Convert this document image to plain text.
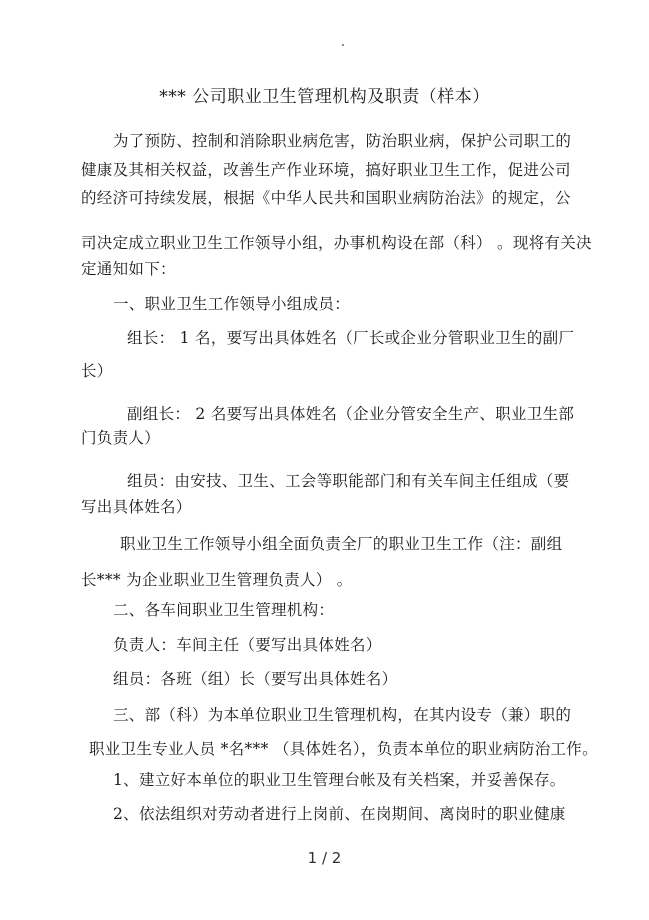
*** 公司职业卫生管理机构及职责（样本）
为了预防、控制和消除职业病危害，防治职业病，保护公司职工的
健康及其相关权益，改善生产作业环境，搞好职业卫生工作，促进公司
的经济可持续发展，根据《中华人民共和国职业病防治法》的规定，公
司决定成立职业卫生工作领导小组，办事机构设在部（科） 。现将有关决
定通知如下：
一、职业卫生工作领导小组成员：
组长： 1 名，要写出具体姓名（厂长或企业分管职业卫生的副厂
长）
副组长： 2 名要写出具体姓名（企业分管安全生产、职业卫生部
门负责人）
组员：由安技、卫生、工会等职能部门和有关车间主任组成（要
写出具体姓名）
职业卫生工作领导小组全面负责全厂的职业卫生工作（注：副组
长*** 为企业职业卫生管理负责人） 。
二、各车间职业卫生管理机构：
负责人：车间主任（要写出具体姓名）
组员：各班（组）长（要写出具体姓名）
三、部（科）为本单位职业卫生管理机构，在其内设专（兼）职的
职业卫生专业人员 *名*** （具体姓名），负责本单位的职业病防治工作。
1、建立好本单位的职业卫生管理台帐及有关档案，并妥善保存。
2、依法组织对劳动者进行上岗前、在岗期间、离岗时的职业健康
1 / 2
